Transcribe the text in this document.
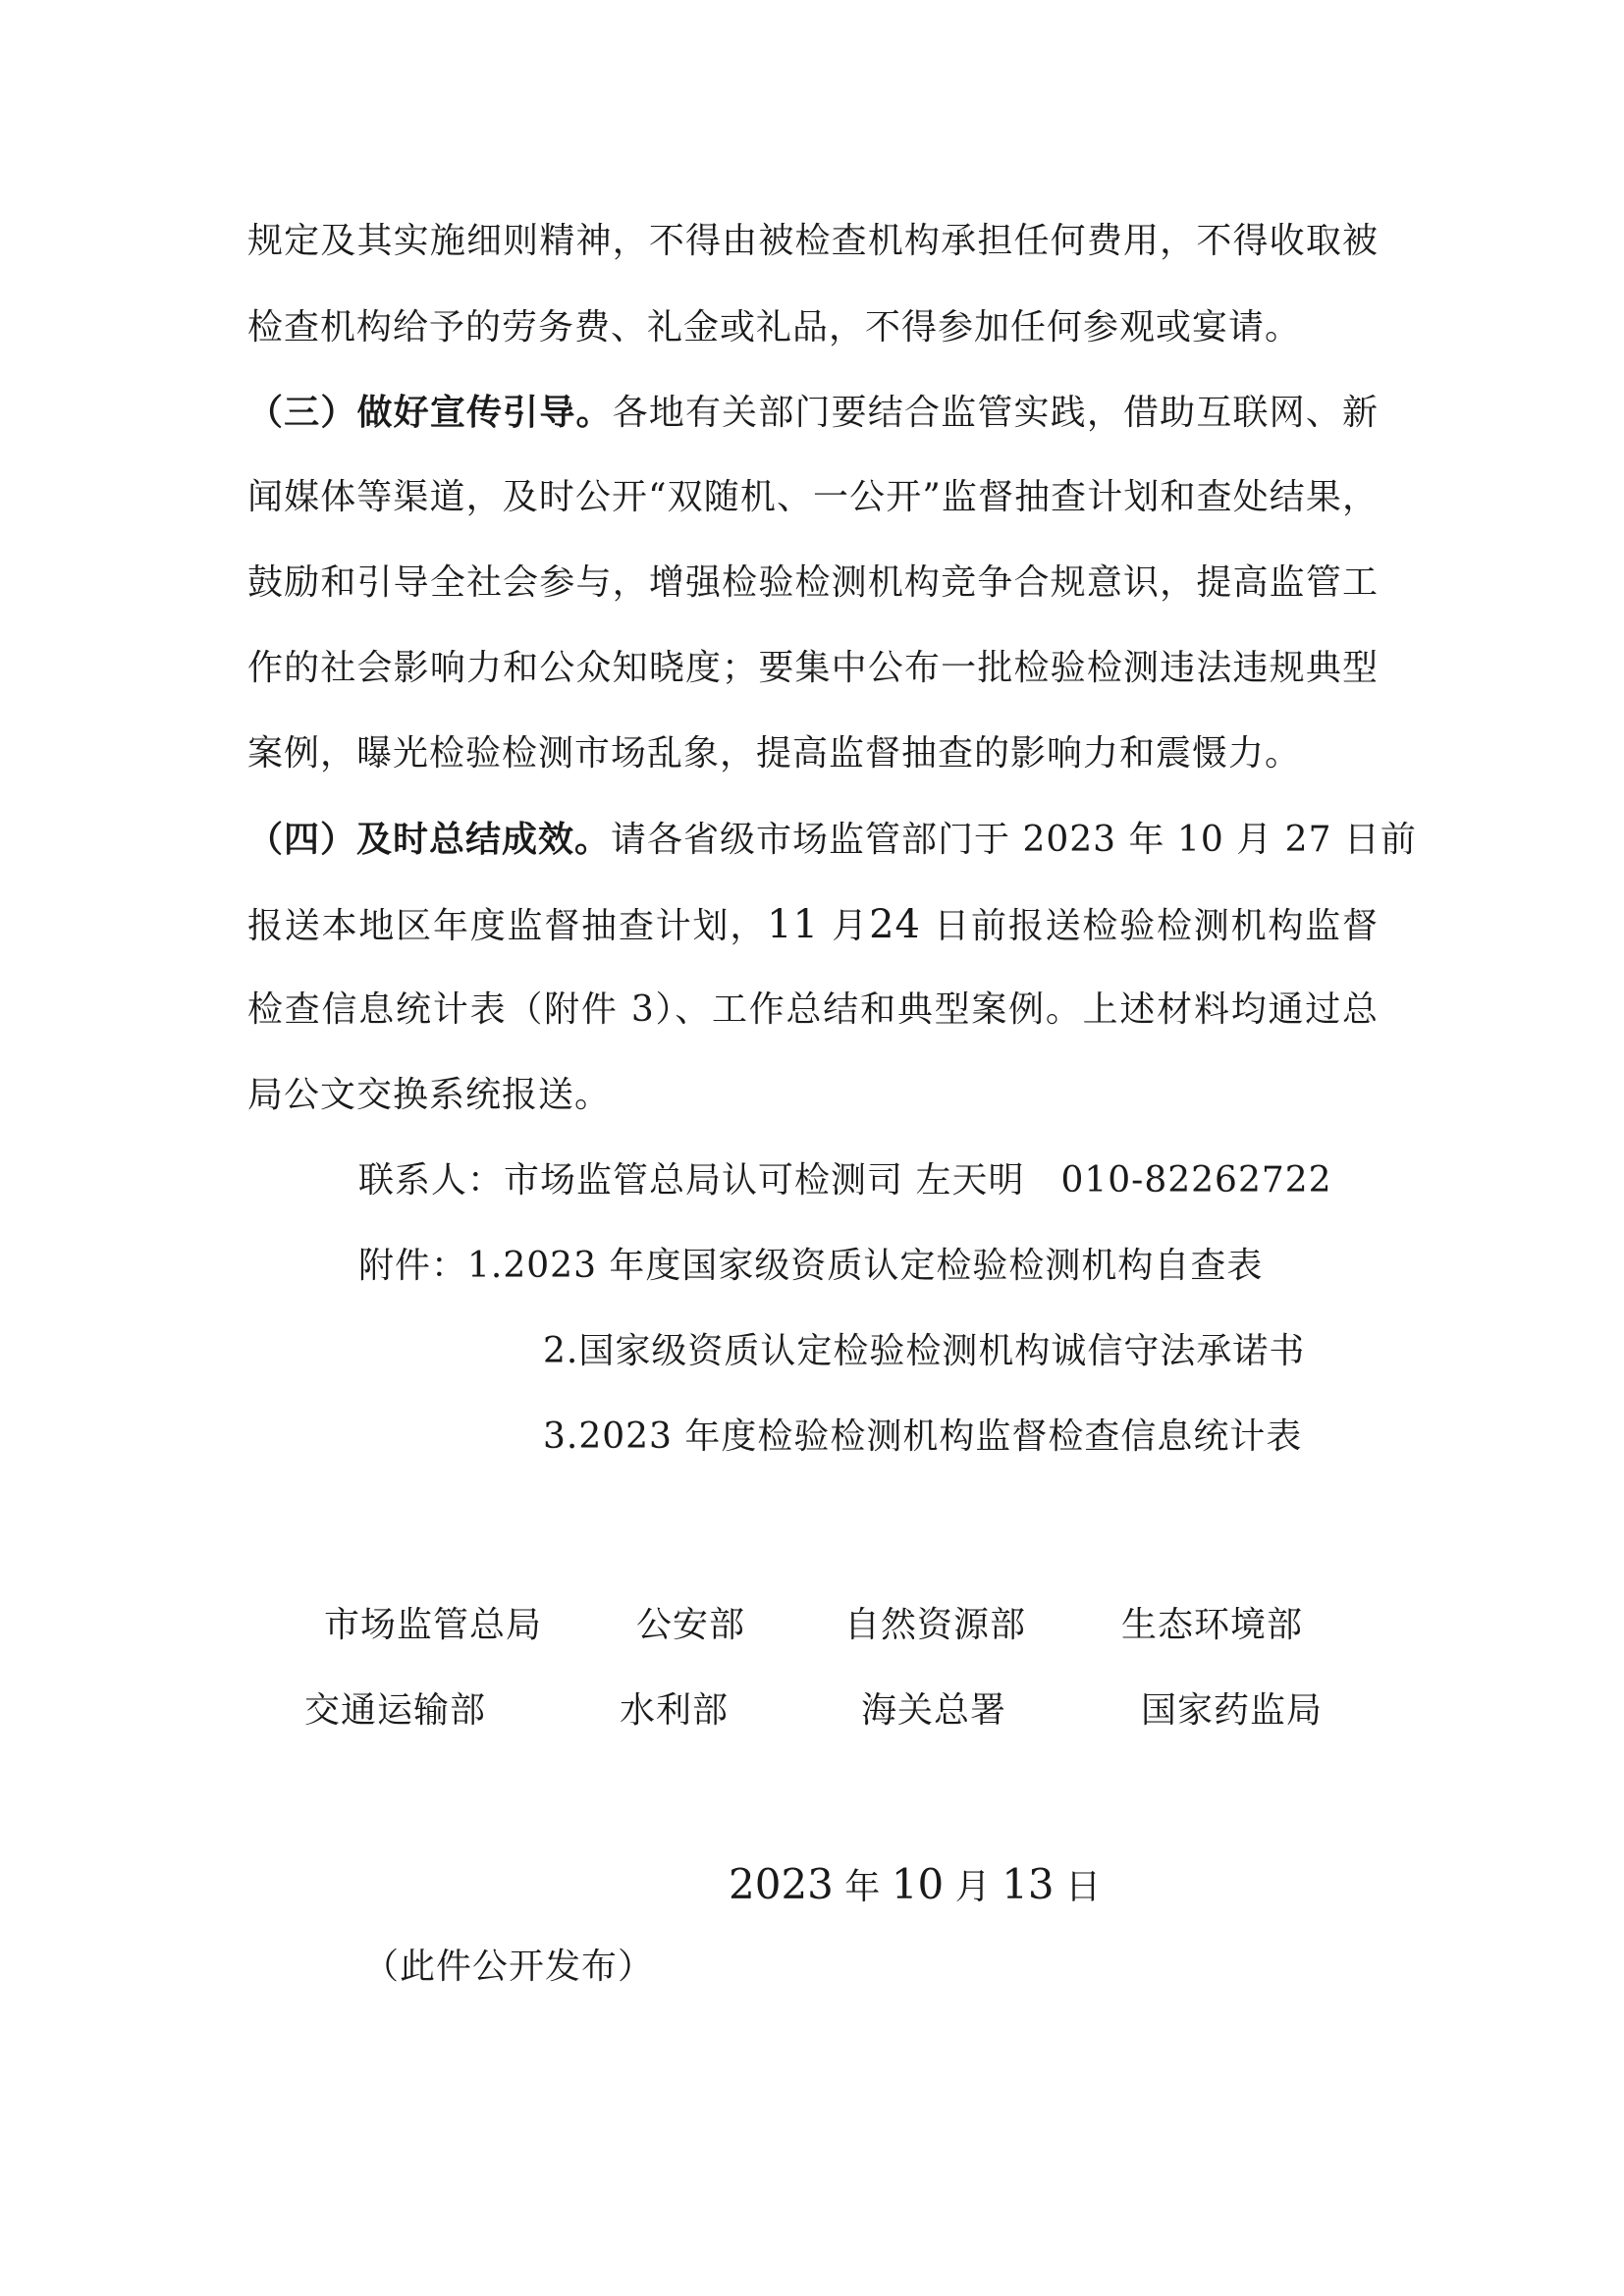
规定及其实施细则精神，不得由被检查机构承担任何费用，不得收取被
检查机构给予的劳务费、礼金或礼品，不得参加任何参观或宴请。
（三）做好宣传引导。各地有关部门要结合监管实践，借助互联网、新
闻媒体等渠道，及时公开“双随机、一公开”监督抽查计划和查处结果，
鼓励和引导全社会参与，增强检验检测机构竞争合规意识，提高监管工
作的社会影响力和公众知晓度；要集中公布一批检验检测违法违规典型
案例，曝光检验检测市场乱象，提高监督抽查的影响力和震慑力。
（四）及时总结成效。请各省级市场监管部门于 2023 年 10 月 27 日前
报送本地区年度监督抽查计划，11 月24 日前报送检验检测机构监督
检查信息统计表（附件 3）、工作总结和典型案例。上述材料均通过总
局公文交换系统报送。
联系人：市场监管总局认可检测司 左天明　010-82262722
附件：1.2023 年度国家级资质认定检验检测机构自查表
2.国家级资质认定检验检测机构诚信守法承诺书
3.2023 年度检验检测机构监督检查信息统计表
市场监管总局	公安部	自然资源部	生态环境部
交通运输部	水利部	海关总署	国家药监局
2023 年 10 月 13 日
（此件公开发布）
